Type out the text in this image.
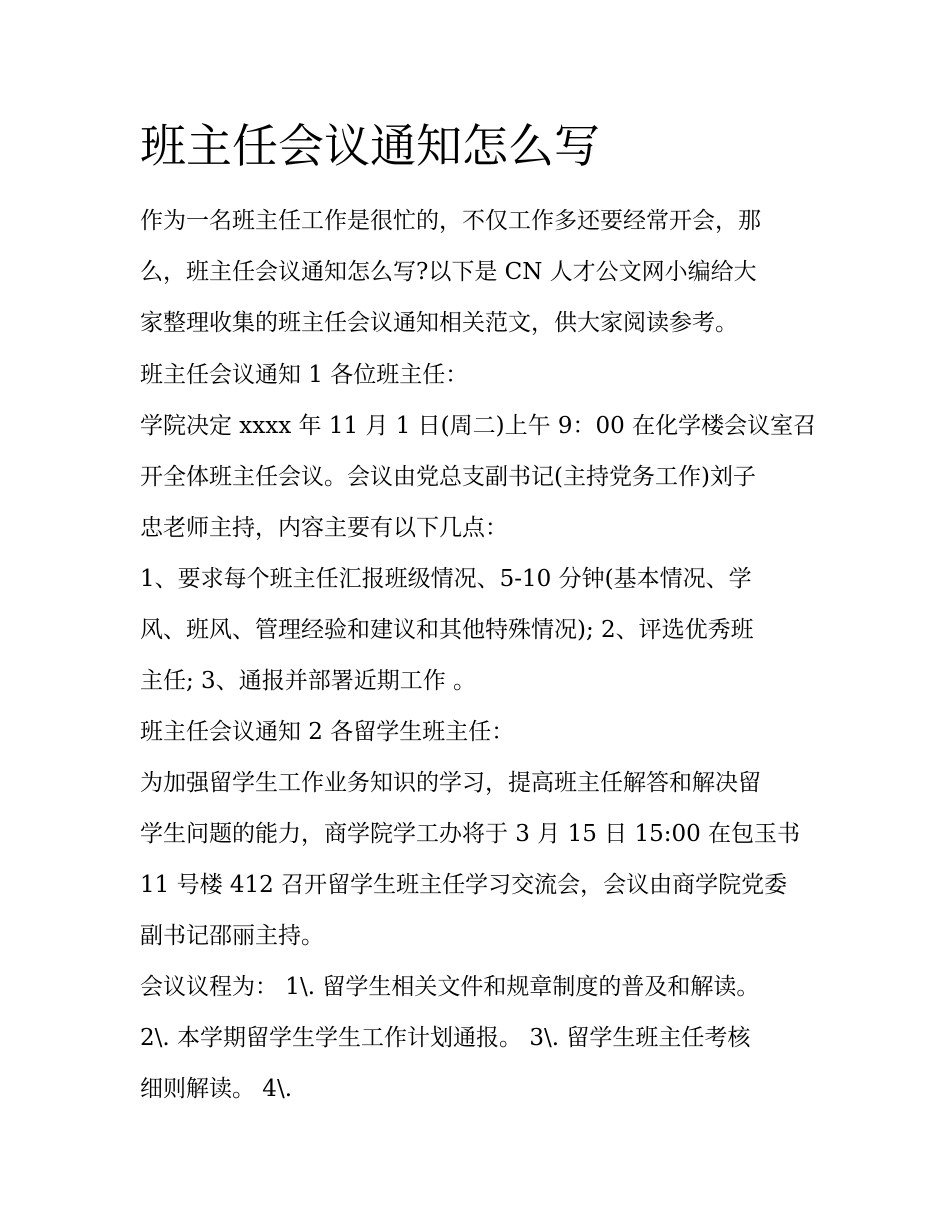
班主任会议通知怎么写

作为一名班主任工作是很忙的，不仅工作多还要经常开会，那

么，班主任会议通知怎么写?以下是 CN 人才公文网小编给大

家整理收集的班主任会议通知相关范文，供大家阅读参考。

班主任会议通知 1 各位班主任：

学院决定 xxxx 年 11 月 1 日(周二)上午 9：00 在化学楼会议室召

开全体班主任会议。会议由党总支副书记(主持党务工作)刘子

忠老师主持，内容主要有以下几点：

1、要求每个班主任汇报班级情况、5-10 分钟(基本情况、学

风、班风、管理经验和建议和其他特殊情况); 2、评选优秀班

主任; 3、通报并部署近期工作 。

班主任会议通知 2 各留学生班主任：

为加强留学生工作业务知识的学习，提高班主任解答和解决留

学生问题的能力，商学院学工办将于 3 月 15 日 15:00 在包玉书

11 号楼 412 召开留学生班主任学习交流会，会议由商学院党委

副书记邵丽主持。

会议议程为： 1\. 留学生相关文件和规章制度的普及和解读。

2\. 本学期留学生学生工作计划通报。 3\. 留学生班主任考核

细则解读。 4\.
